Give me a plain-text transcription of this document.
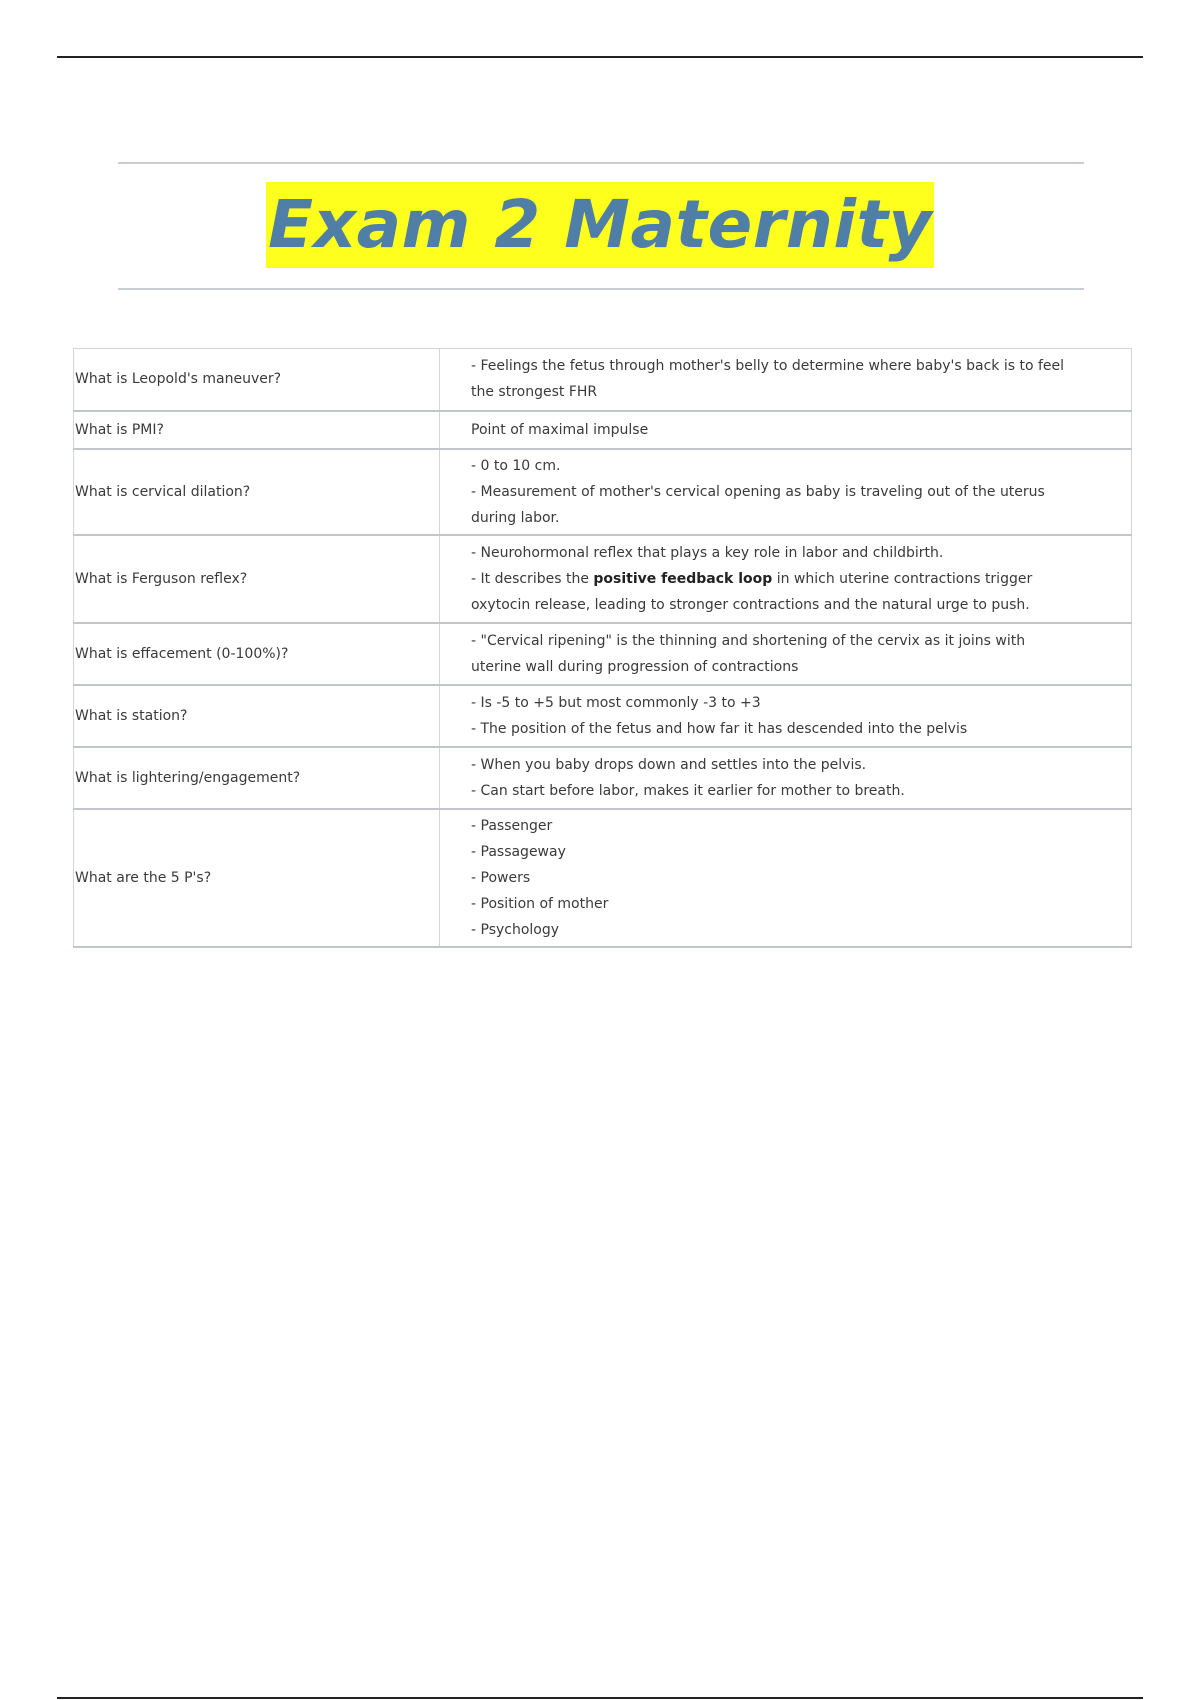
Exam 2 Maternity
What is Leopold's maneuver?	- Feelings the fetus through mother's belly to determine where baby's back is to feel the strongest FHR

What is PMI?	Point of maximal impulse

What is cervical dilation?	- 0 to 10 cm.
- Measurement of mother's cervical opening as baby is traveling out of the uterus during labor.

What is Ferguson reflex?	- Neurohormonal reflex that plays a key role in labor and childbirth.
- It describes the positive feedback loop in which uterine contractions trigger oxytocin release, leading to stronger contractions and the natural urge to push.

What is effacement (0-100%)?	- "Cervical ripening" is the thinning and shortening of the cervix as it joins with uterine wall during progression of contractions

What is station?	- Is -5 to +5 but most commonly -3 to +3
- The position of the fetus and how far it has descended into the pelvis

What is lightering/engagement?	- When you baby drops down and settles into the pelvis.
- Can start before labor, makes it earlier for mother to breath.

What are the 5 P's?	- Passenger
- Passageway
- Powers
- Position of mother
- Psychology
